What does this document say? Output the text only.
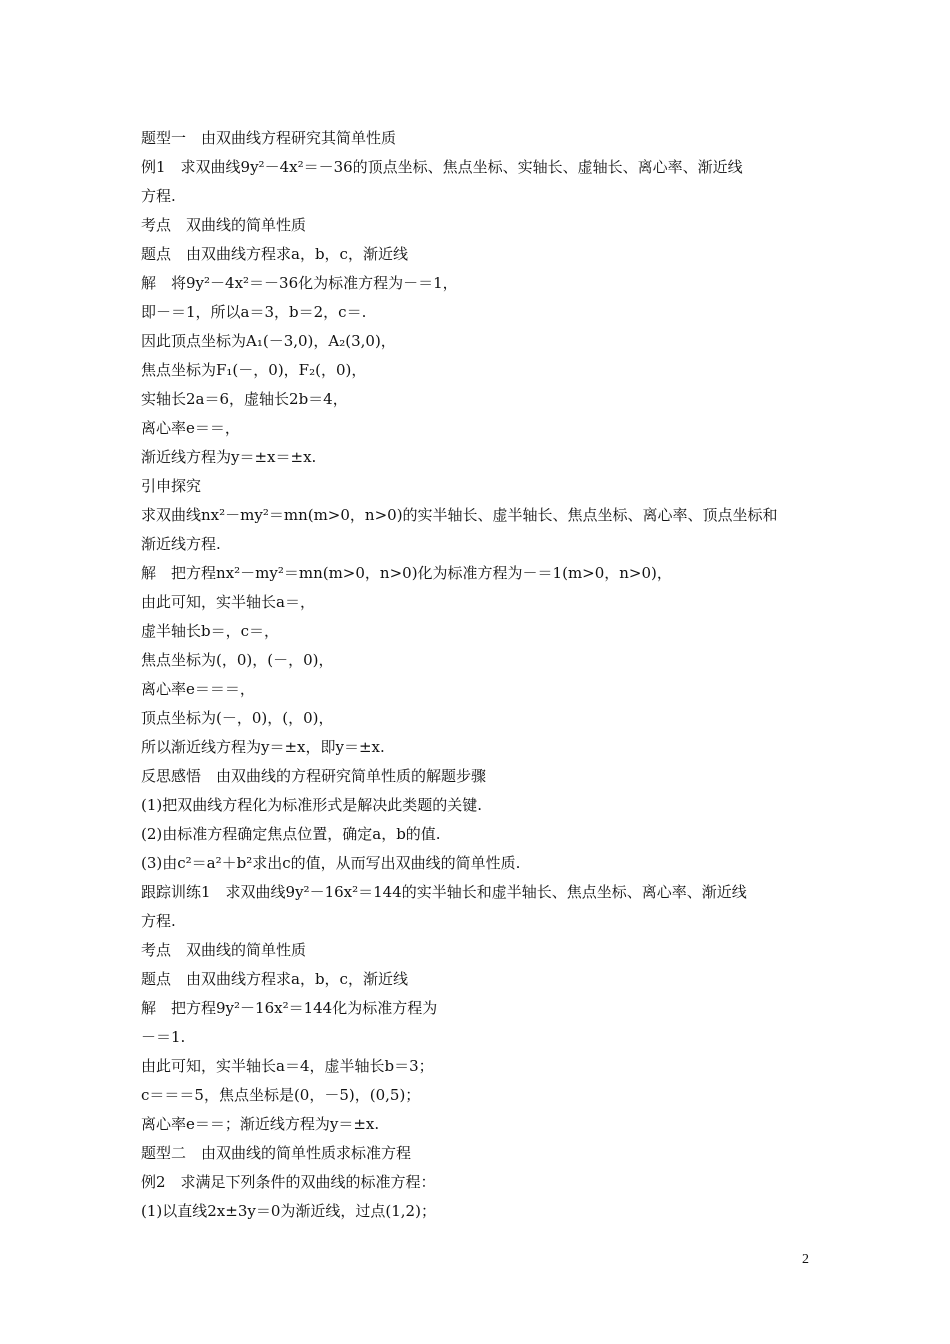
题型一　由双曲线方程研究其简单性质
例1　求双曲线9y²－4x²＝－36的顶点坐标、焦点坐标、实轴长、虚轴长、离心率、渐近线
方程.
考点　双曲线的简单性质
题点　由双曲线方程求a，b，c，渐近线
解　将9y²－4x²＝－36化为标准方程为－＝1，
即－＝1，所以a＝3，b＝2，c＝.
因此顶点坐标为A₁(－3,0)，A₂(3,0)，
焦点坐标为F₁(－，0)，F₂(，0)，
实轴长2a＝6，虚轴长2b＝4，
离心率e＝＝，
渐近线方程为y＝±x＝±x.
引申探究
求双曲线nx²－my²＝mn(m>0，n>0)的实半轴长、虚半轴长、焦点坐标、离心率、顶点坐标和
渐近线方程.
解　把方程nx²－my²＝mn(m>0，n>0)化为标准方程为－＝1(m>0，n>0)，
由此可知，实半轴长a＝，
虚半轴长b＝，c＝，
焦点坐标为(，0)，(－，0)，
离心率e＝＝＝，
顶点坐标为(－，0)，(，0)，
所以渐近线方程为y＝±x，即y＝±x.
反思感悟　由双曲线的方程研究简单性质的解题步骤
(1)把双曲线方程化为标准形式是解决此类题的关键.
(2)由标准方程确定焦点位置，确定a，b的值.
(3)由c²＝a²＋b²求出c的值，从而写出双曲线的简单性质.
跟踪训练1　求双曲线9y²－16x²＝144的实半轴长和虚半轴长、焦点坐标、离心率、渐近线
方程.
考点　双曲线的简单性质
题点　由双曲线方程求a，b，c，渐近线
解　把方程9y²－16x²＝144化为标准方程为
－＝1.
由此可知，实半轴长a＝4，虚半轴长b＝3；
c＝＝＝5，焦点坐标是(0，－5)，(0,5)；
离心率e＝＝；渐近线方程为y＝±x.
题型二　由双曲线的简单性质求标准方程
例2　求满足下列条件的双曲线的标准方程：
(1)以直线2x±3y＝0为渐近线，过点(1,2)；
2
